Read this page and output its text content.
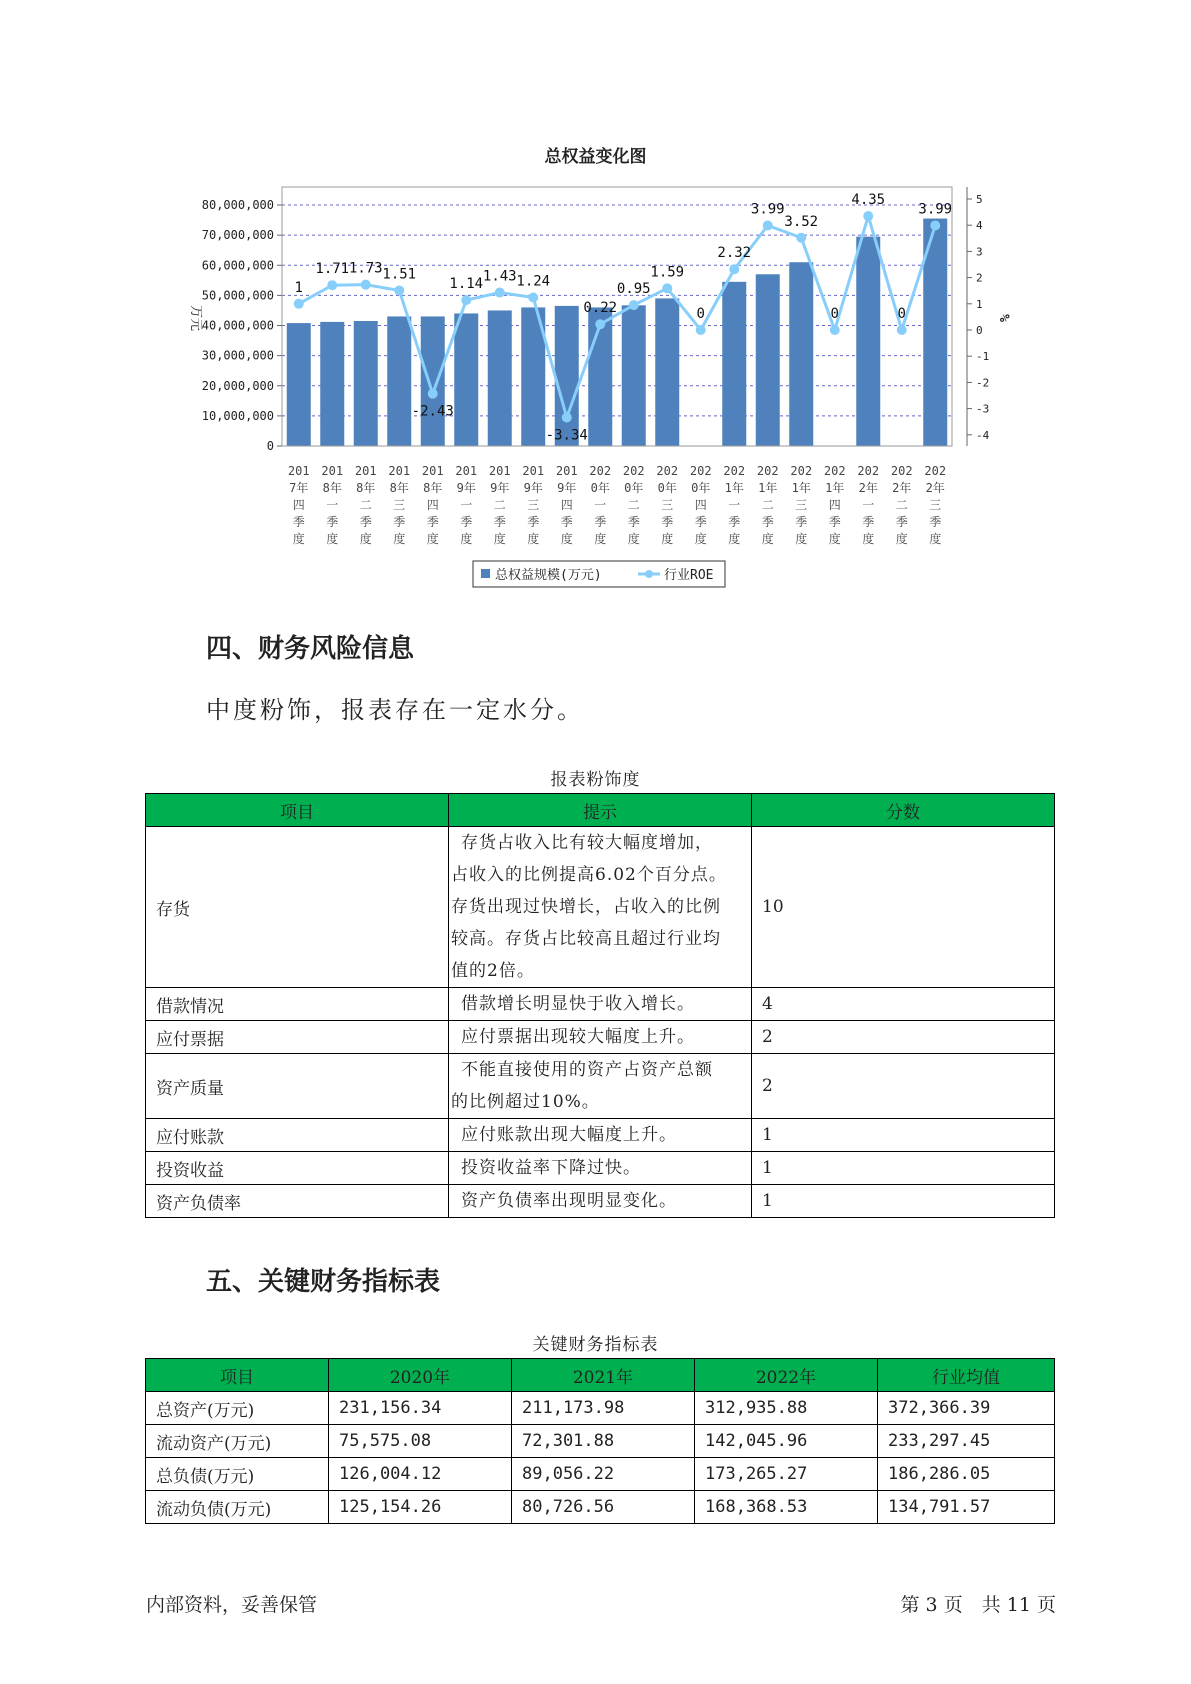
总权益变化图
0
10,000,000
20,000,000
30,000,000
40,000,000
50,000,000
60,000,000
70,000,000
80,000,000
-4
-3
-2
-1
0
1
2
3
4
5
万元	%
1
1.71 1.73 1.51
-2.43
1.14 1.43 1.24
-3.34
0.22
0.95
1.59
0
2.32
3.99
3.52
0
4.35
0
3.99
201
7年
四
季
度
201
8年
一
季
度
201
8年
二
季
度
201
8年
三
季
度
201
8年
四
季
度
201
9年
一
季
度
201
9年
二
季
度
201
9年
三
季
度
201
9年
四
季
度
202
0年
一
季
度
202
0年
二
季
度
202
0年
三
季
度
202
0年
四
季
度
202
1年
一
季
度
202
1年
二
季
度
202
1年
三
季
度
202
1年
四
季
度
202
2年
一
季
度
202
2年
二
季
度
202
2年
三
季
度
总权益规模(万元)	行业ROE
四、财务风险信息
中度粉饰，报表存在一定水分。
报表粉饰度
项目	提示	分数
存货	存货占收入比有较大幅度增加，
占收入的比例提高6.02个百分点。
存货出现过快增长，占收入的比例
较高。存货占比较高且超过行业均
值的2倍。	10
借款情况	借款增长明显快于收入增长。	4
应付票据	应付票据出现较大幅度上升。	2
资产质量	不能直接使用的资产占资产总额
的比例超过10%。	2
应付账款	应付账款出现大幅度上升。	1
投资收益	投资收益率下降过快。	1
资产负债率	资产负债率出现明显变化。	1
五、关键财务指标表
关键财务指标表
项目	2020年	2021年	2022年	行业均值
总资产(万元)	231,156.34	211,173.98	312,935.88	372,366.39
流动资产(万元)	75,575.08	72,301.88	142,045.96	233,297.45
总负债(万元)	126,004.12	89,056.22	173,265.27	186,286.05
流动负债(万元)	125,154.26	80,726.56	168,368.53	134,791.57
内部资料，妥善保管	第 3 页　共 11 页
